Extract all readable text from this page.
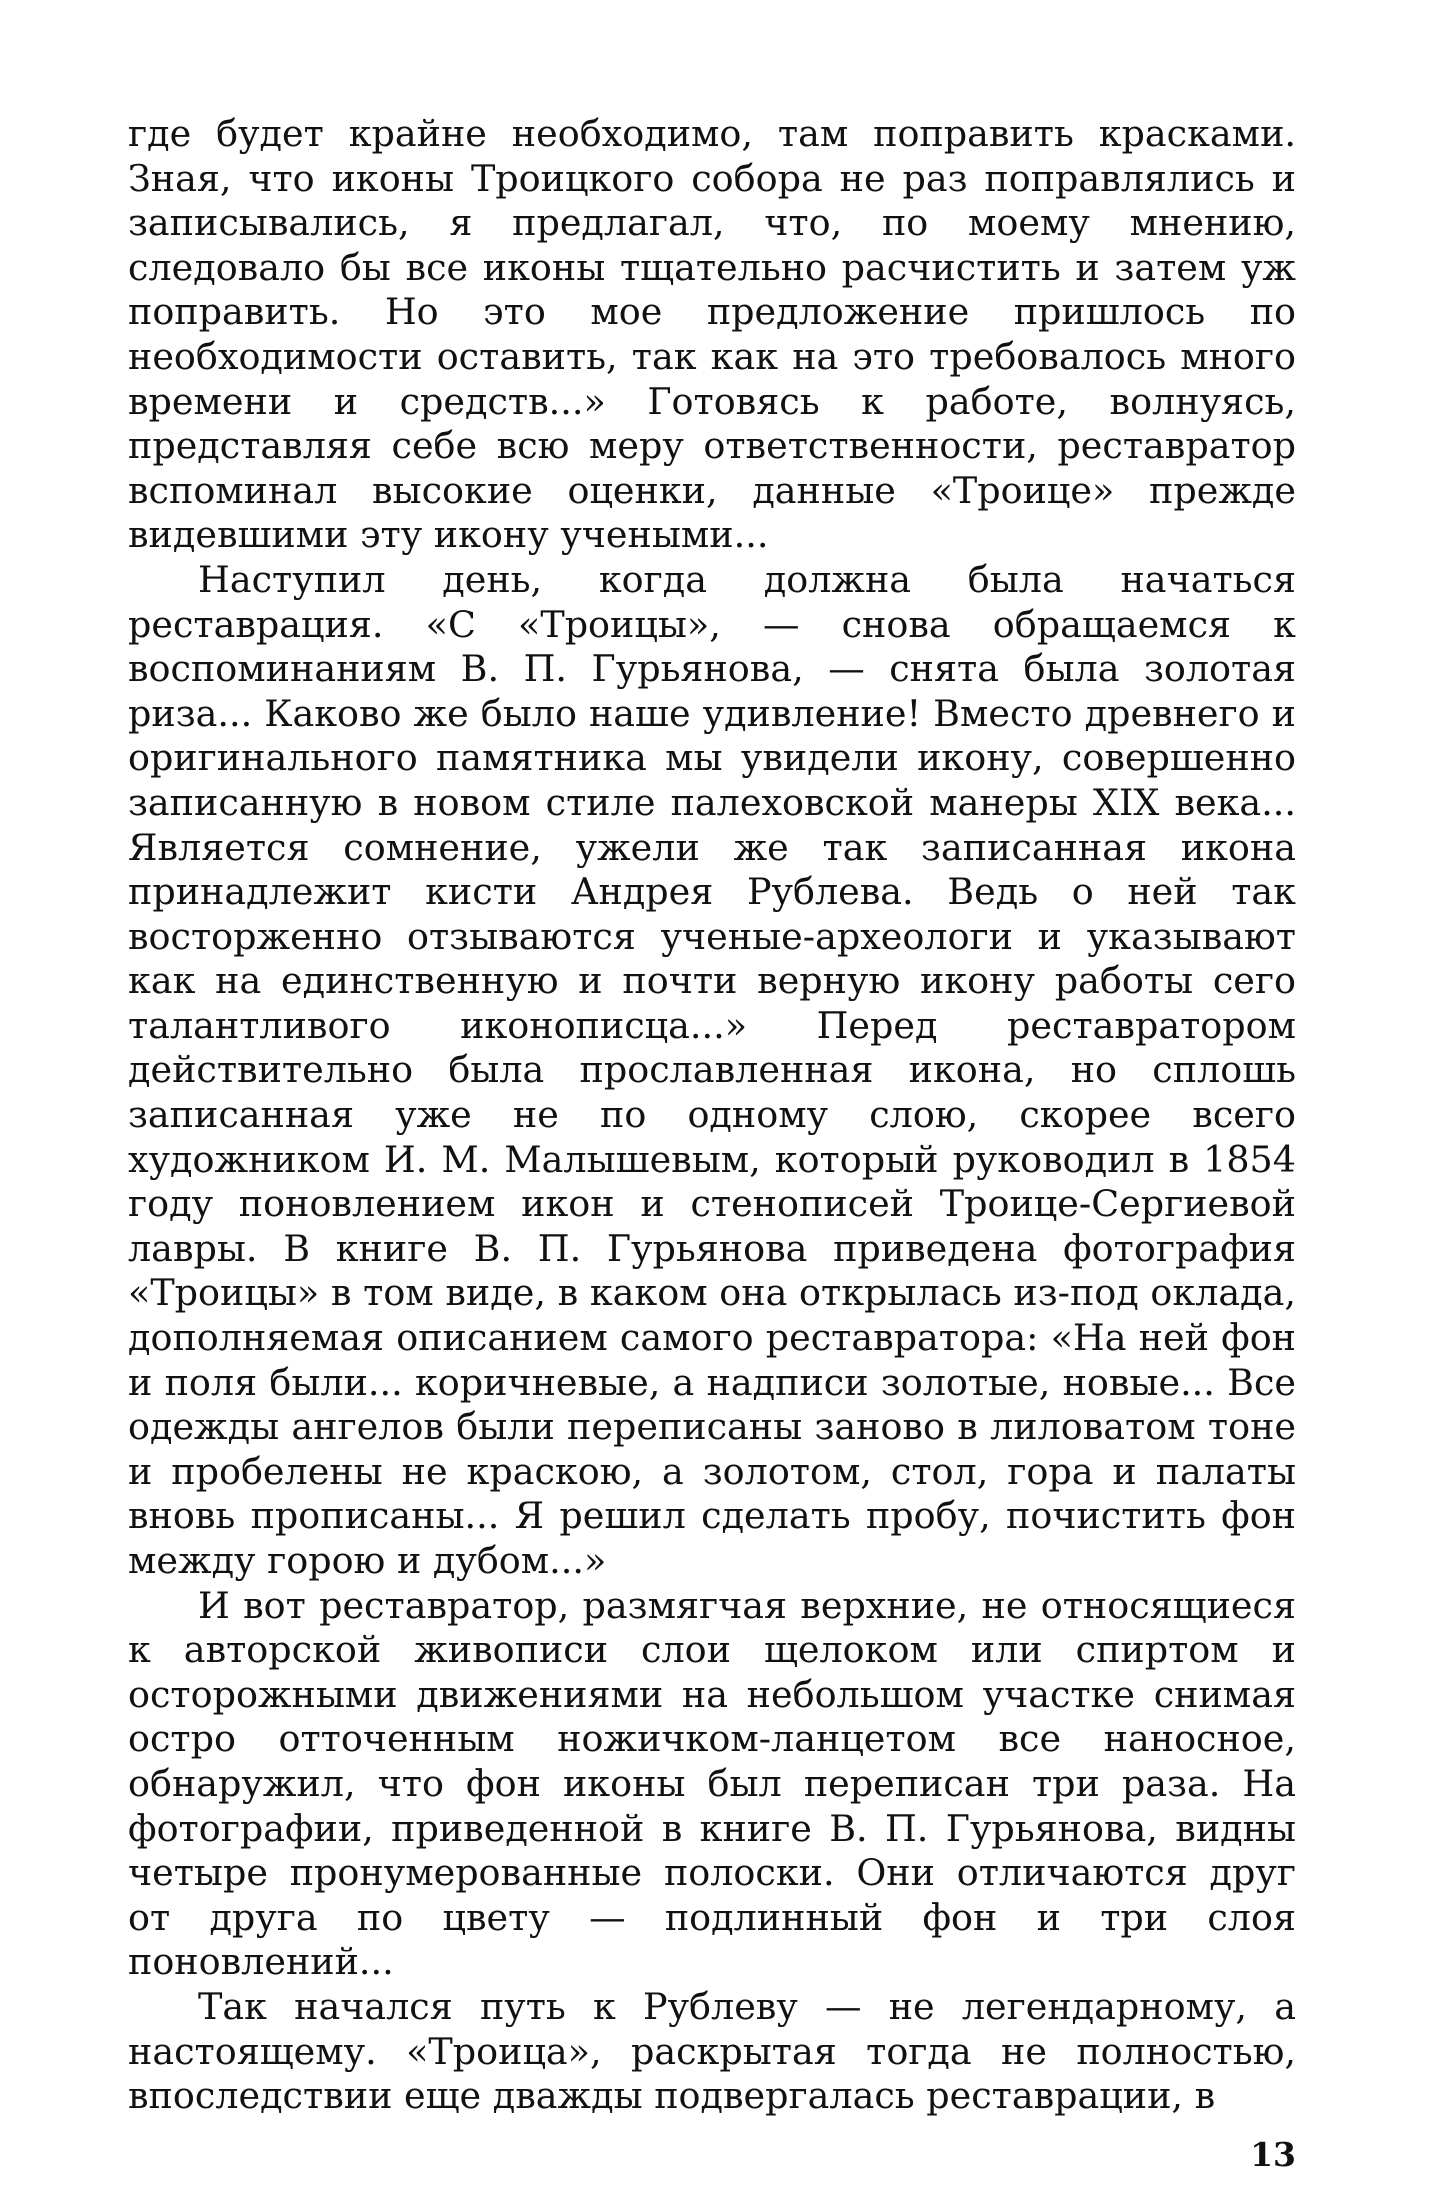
где будет крайне необходимо, там поправить красками. Зная, что иконы Троицкого собора не раз поправлялись и записывались, я предлагал, что, по моему мнению, следовало бы все иконы тщательно расчистить и затем уж поправить. Но это мое предложение пришлось по необходимости оставить, так как на это требовалось много времени и средств...» Готовясь к работе, волнуясь, представляя себе всю меру ответственности, реставратор вспоминал высокие оценки, данные «Троице» прежде видевшими эту икону учеными...

Наступил день, когда должна была начаться реставрация. «С «Троицы», — снова обращаемся к воспоминаниям В. П. Гурьянова, — снята была золотая риза... Каково же было наше удивление! Вместо древнего и оригинального памятника мы увидели икону, совершенно записанную в новом стиле палеховской манеры XIX века... Является сомнение, ужели же так записанная икона принадлежит кисти Андрея Рублева. Ведь о ней так восторженно отзываются ученые-археологи и указывают как на единственную и почти верную икону работы сего талантливого иконописца...» Перед реставратором действительно была прославленная икона, но сплошь записанная уже не по одному слою, скорее всего художником И. М. Малышевым, который руководил в 1854 году поновлением икон и стенописей Троице-Сергиевой лавры. В книге В. П. Гурьянова приведена фотография «Троицы» в том виде, в каком она открылась из-под оклада, дополняемая описанием самого реставратора: «На ней фон и поля были... коричневые, а надписи золотые, новые... Все одежды ангелов были переписаны заново в лиловатом тоне и пробелены не краскою, а золотом, стол, гора и палаты вновь прописаны... Я решил сделать пробу, почистить фон между горою и дубом...»

И вот реставратор, размягчая верхние, не относящиеся к авторской живописи слои щелоком или спиртом и осторожными движениями на небольшом участке снимая остро отточенным ножичком-ланцетом все наносное, обнаружил, что фон иконы был переписан три раза. На фотографии, приведенной в книге В. П. Гурьянова, видны четыре пронумерованные полоски. Они отличаются друг от друга по цвету — подлинный фон и три слоя поновлений...

Так начался путь к Рублеву — не легендарному, а настоящему. «Троица», раскрытая тогда не полностью, впоследствии еще дважды подвергалась реставрации, в

13
